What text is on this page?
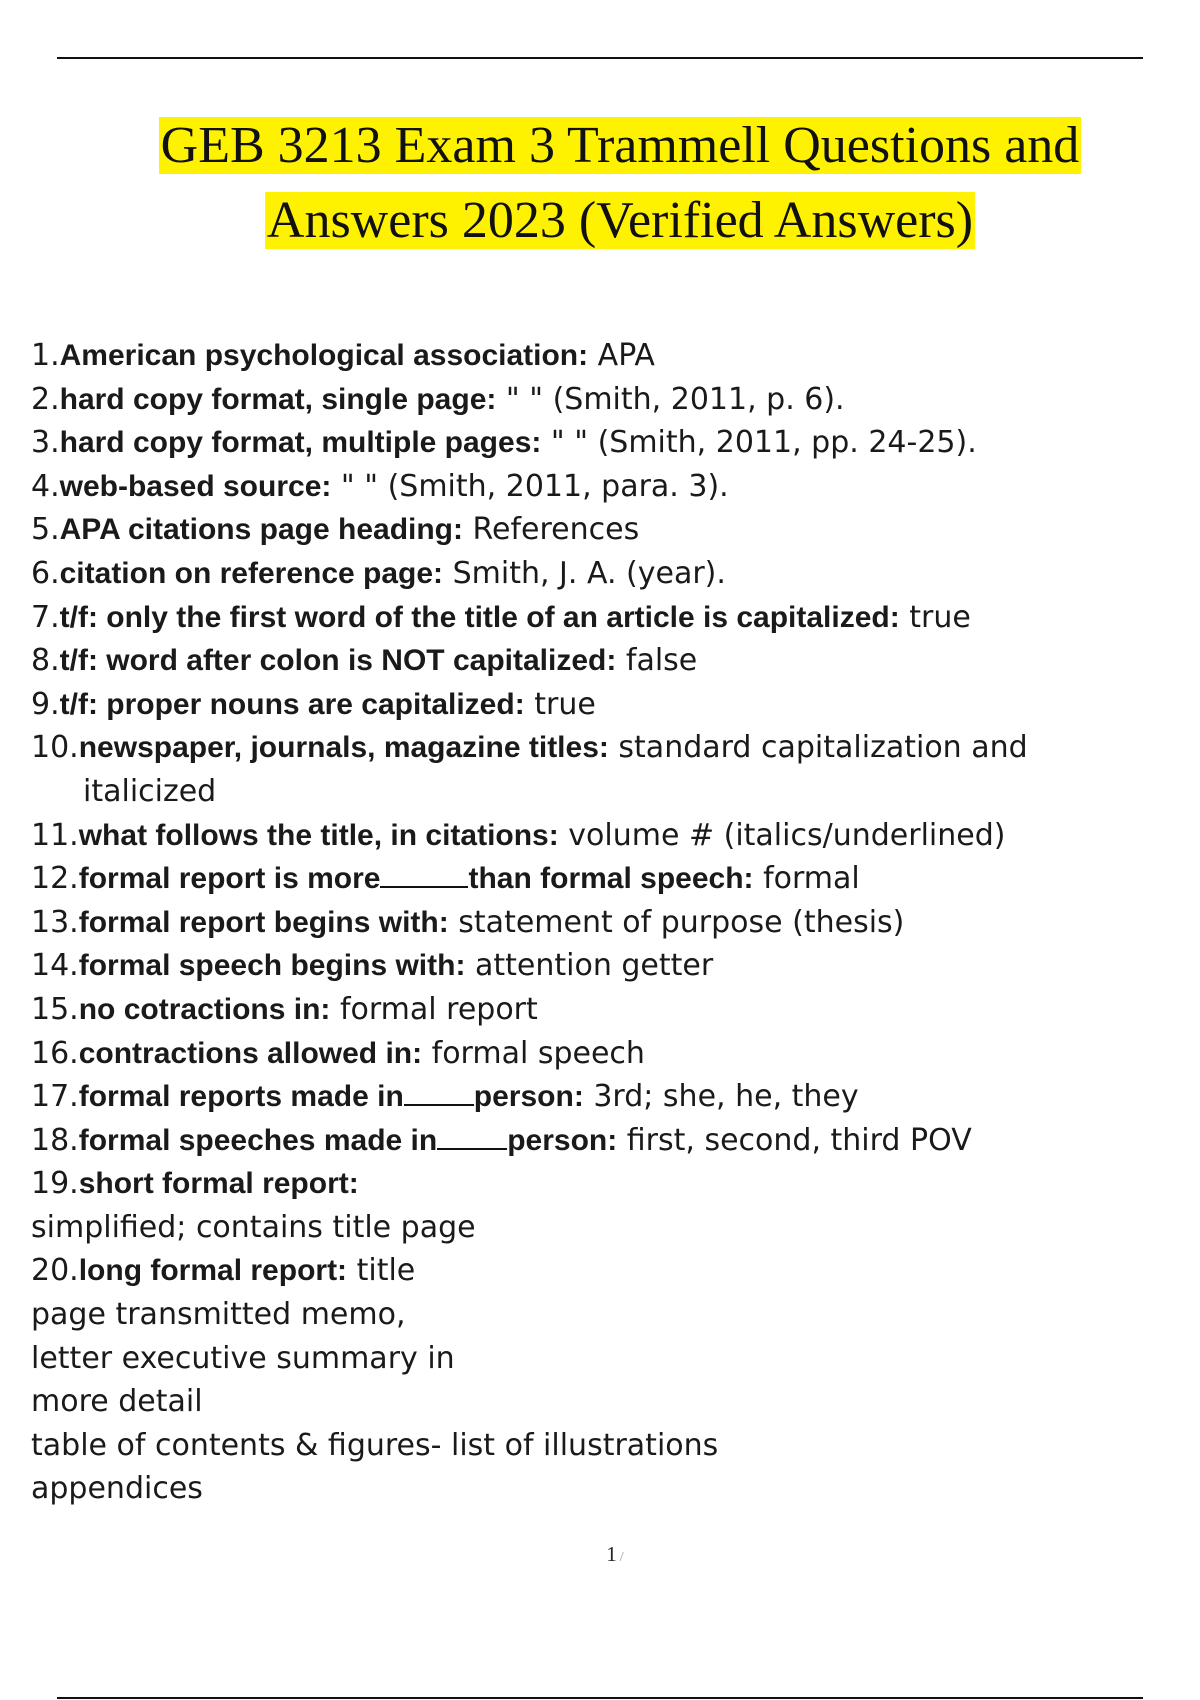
GEB 3213 Exam 3 Trammell Questions and
Answers 2023 (Verified Answers)
1.American psychological association: APA
2.hard copy format, single page: " " (Smith, 2011, p. 6).
3.hard copy format, multiple pages: " " (Smith, 2011, pp. 24-25).
4.web-based source: " " (Smith, 2011, para. 3).
5.APA citations page heading: References
6.citation on reference page: Smith, J. A. (year).
7.t/f: only the first word of the title of an article is capitalized: true
8.t/f: word after colon is NOT capitalized: false
9.t/f: proper nouns are capitalized: true
10.newspaper, journals, magazine titles: standard capitalization and
italicized
11.what follows the title, in citations: volume # (italics/underlined)
12.formal report is more	than formal speech: formal
13.formal report begins with: statement of purpose (thesis)
14.formal speech begins with: attention getter
15.no cotractions in: formal report
16.contractions allowed in: formal speech
17.formal reports made in person: 3rd; she, he, they
18.formal speeches made in person: first, second, third POV
19.short formal report:
simplified; contains title page
20.long formal report: title
page transmitted memo,
letter executive summary in
more detail
table of contents & figures- list of illustrations
appendices
1 /
